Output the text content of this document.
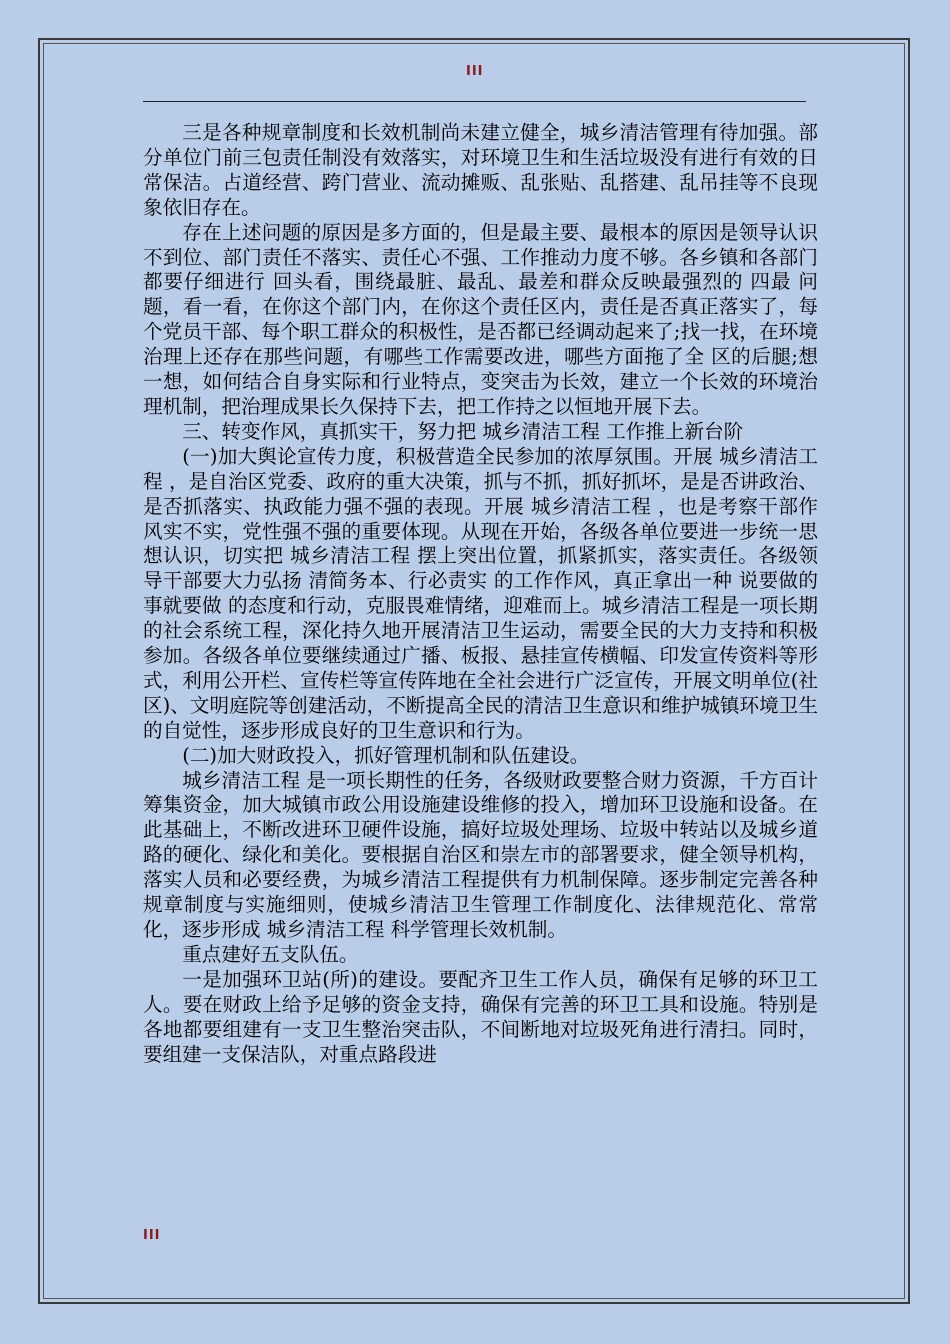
III

三是各种规章制度和长效机制尚未建立健全，城乡清洁管理有待加强。部分单位门前三包责任制没有效落实，对环境卫生和生活垃圾没有进行有效的日常保洁。占道经营、跨门营业、流动摊贩、乱张贴、乱搭建、乱吊挂等不良现象依旧存在。

存在上述问题的原因是多方面的，但是最主要、最根本的原因是领导认识不到位、部门责任不落实、责任心不强、工作推动力度不够。各乡镇和各部门都要仔细进行 回头看，围绕最脏、最乱、最差和群众反映最强烈的 四最 问题，看一看，在你这个部门内，在你这个责任区内，责任是否真正落实了，每个党员干部、每个职工群众的积极性，是否都已经调动起来了;找一找，在环境治理上还存在那些问题，有哪些工作需要改进，哪些方面拖了全 区的后腿;想一想，如何结合自身实际和行业特点，变突击为长效，建立一个长效的环境治理机制，把治理成果长久保持下去，把工作持之以恒地开展下去。

三、转变作风，真抓实干，努力把 城乡清洁工程 工作推上新台阶

(一)加大舆论宣传力度，积极营造全民参加的浓厚氛围。开展 城乡清洁工程 ，是自治区党委、政府的重大决策，抓与不抓，抓好抓坏，是是否讲政治、是否抓落实、执政能力强不强的表现。开展 城乡清洁工程 ，也是考察干部作风实不实，党性强不强的重要体现。从现在开始，各级各单位要进一步统一思想认识，切实把 城乡清洁工程 摆上突出位置，抓紧抓实，落实责任。各级领导干部要大力弘扬 清简务本、行必责实 的工作作风，真正拿出一种 说要做的事就要做 的态度和行动，克服畏难情绪，迎难而上。城乡清洁工程是一项长期的社会系统工程，深化持久地开展清洁卫生运动，需要全民的大力支持和积极参加。各级各单位要继续通过广播、板报、悬挂宣传横幅、印发宣传资料等形式，利用公开栏、宣传栏等宣传阵地在全社会进行广泛宣传，开展文明单位(社区)、文明庭院等创建活动，不断提高全民的清洁卫生意识和维护城镇环境卫生的自觉性，逐步形成良好的卫生意识和行为。

(二)加大财政投入，抓好管理机制和队伍建设。

城乡清洁工程 是一项长期性的任务，各级财政要整合财力资源，千方百计筹集资金，加大城镇市政公用设施建设维修的投入，增加环卫设施和设备。在此基础上，不断改进环卫硬件设施，搞好垃圾处理场、垃圾中转站以及城乡道路的硬化、绿化和美化。要根据自治区和崇左市的部署要求，健全领导机构，落实人员和必要经费，为城乡清洁工程提供有力机制保障。逐步制定完善各种规章制度与实施细则，使城乡清洁卫生管理工作制度化、法律规范化、常常化，逐步形成 城乡清洁工程 科学管理长效机制。

重点建好五支队伍。

一是加强环卫站(所)的建设。要配齐卫生工作人员，确保有足够的环卫工人。要在财政上给予足够的资金支持，确保有完善的环卫工具和设施。特别是各地都要组建有一支卫生整治突击队，不间断地对垃圾死角进行清扫。同时，要组建一支保洁队，对重点路段进

III
